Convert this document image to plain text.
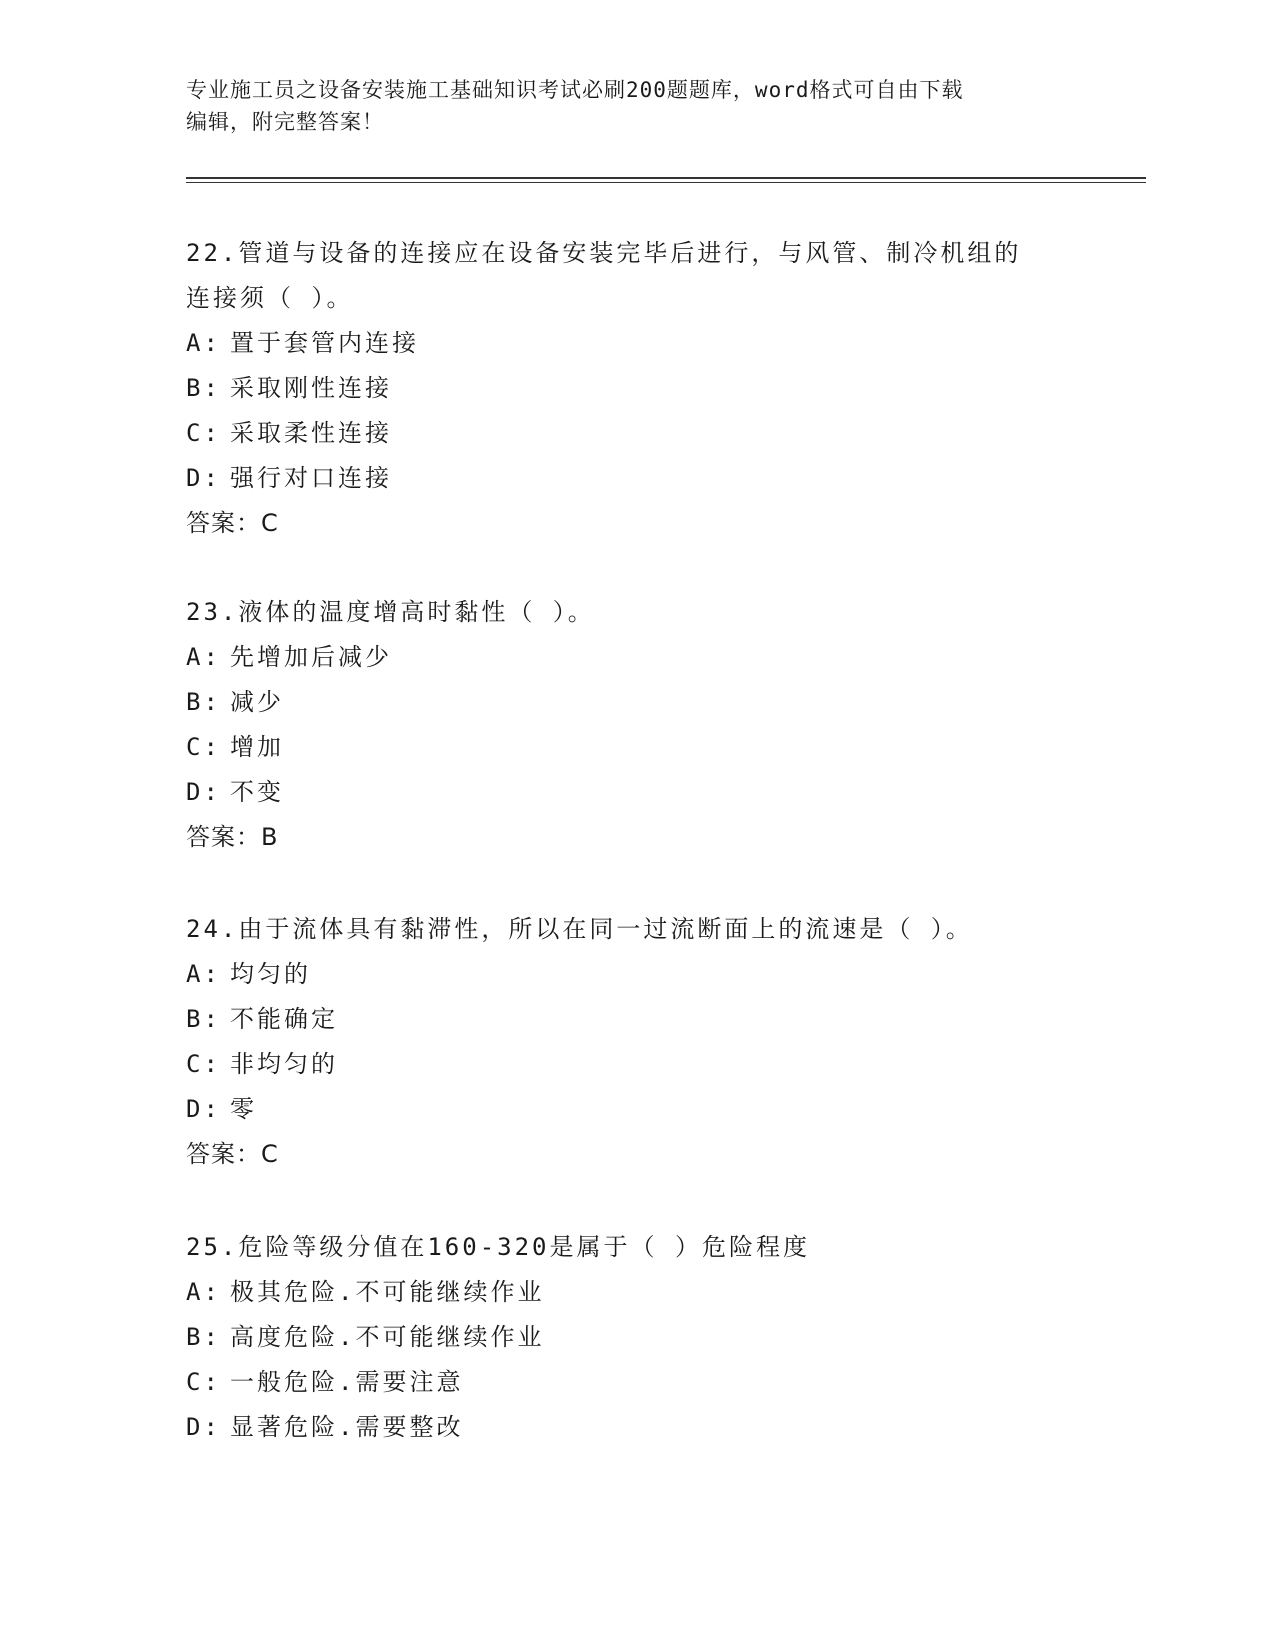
专业施工员之设备安装施工基础知识考试必刷200题题库，word格式可自由下载
编辑，附完整答案！

22.管道与设备的连接应在设备安装完毕后进行，与风管、制冷机组的

连接须（ ）。

A: 置于套管内连接

B: 采取刚性连接

C: 采取柔性连接

D: 强行对口连接

答案：C

23.液体的温度增高时黏性（ ）。

A: 先增加后减少

B: 减少

C: 增加

D: 不变

答案：B

24.由于流体具有黏滞性，所以在同一过流断面上的流速是（ ）。

A: 均匀的

B: 不能确定

C: 非均匀的

D: 零

答案：C

25.危险等级分值在160-320是属于（ ）危险程度

A: 极其危险.不可能继续作业

B: 高度危险.不可能继续作业

C: 一般危险.需要注意

D: 显著危险.需要整改
